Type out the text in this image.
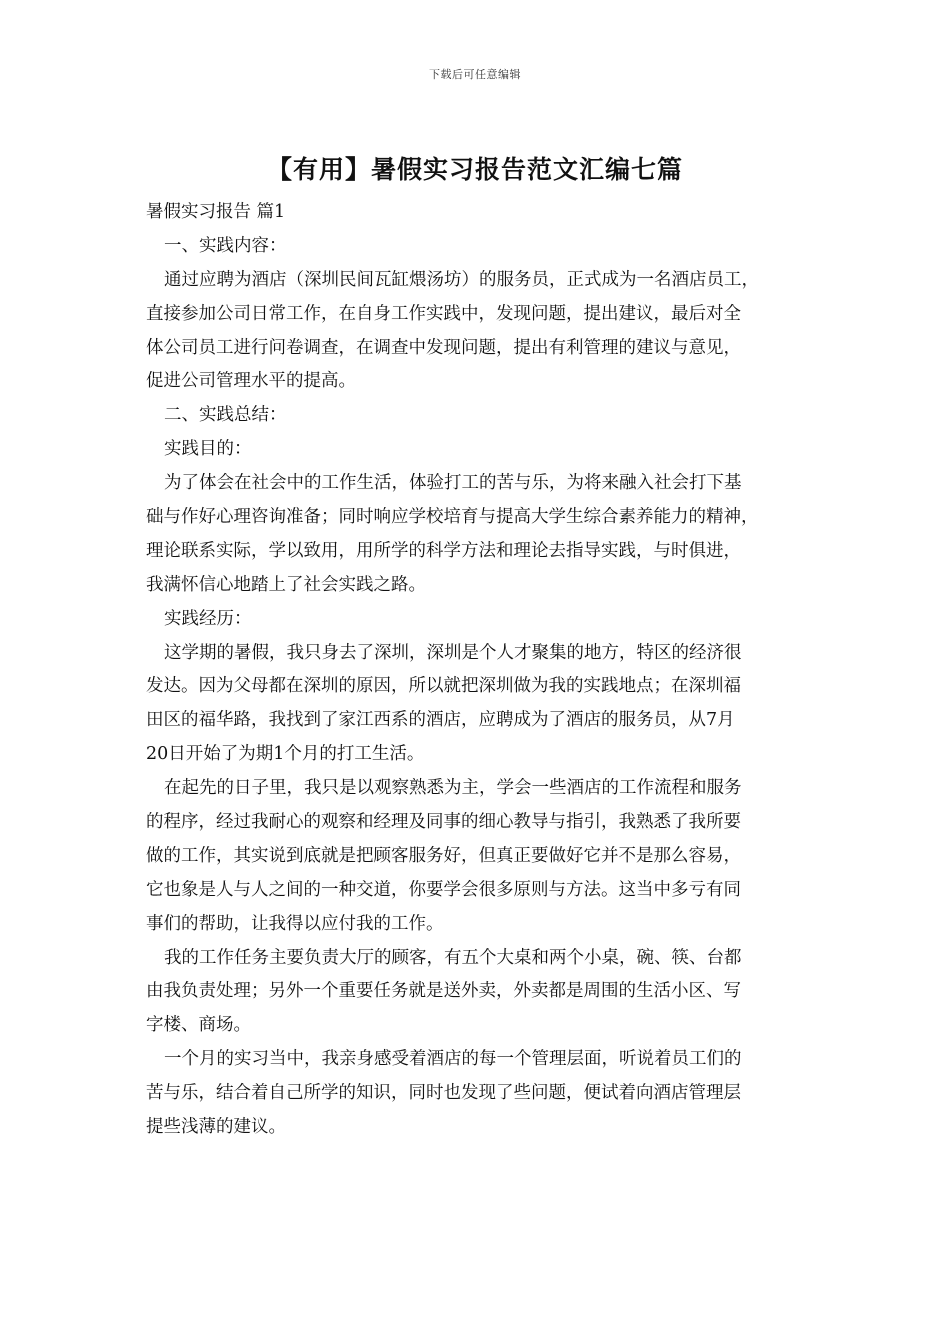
下载后可任意编辑
【有用】暑假实习报告范文汇编七篇
暑假实习报告 篇1
一、实践内容：
通过应聘为酒店（深圳民间瓦缸煨汤坊）的服务员，正式成为一名酒店员工，
直接参加公司日常工作，在自身工作实践中，发现问题，提出建议，最后对全
体公司员工进行问卷调查，在调查中发现问题，提出有利管理的建议与意见，
促进公司管理水平的提高。
二、实践总结：
实践目的：
为了体会在社会中的工作生活，体验打工的苦与乐，为将来融入社会打下基
础与作好心理咨询准备；同时响应学校培育与提高大学生综合素养能力的精神，
理论联系实际，学以致用，用所学的科学方法和理论去指导实践，与时俱进，
我满怀信心地踏上了社会实践之路。
实践经历：
这学期的暑假，我只身去了深圳，深圳是个人才聚集的地方，特区的经济很
发达。因为父母都在深圳的原因，所以就把深圳做为我的实践地点；在深圳福
田区的福华路，我找到了家江西系的酒店，应聘成为了酒店的服务员，从7月
20日开始了为期1个月的打工生活。
在起先的日子里，我只是以观察熟悉为主，学会一些酒店的工作流程和服务
的程序，经过我耐心的观察和经理及同事的细心教导与指引，我熟悉了我所要
做的工作，其实说到底就是把顾客服务好，但真正要做好它并不是那么容易，
它也象是人与人之间的一种交道，你要学会很多原则与方法。这当中多亏有同
事们的帮助，让我得以应付我的工作。
我的工作任务主要负责大厅的顾客，有五个大桌和两个小桌，碗、筷、台都
由我负责处理；另外一个重要任务就是送外卖，外卖都是周围的生活小区、写
字楼、商场。
一个月的实习当中，我亲身感受着酒店的每一个管理层面，听说着员工们的
苦与乐，结合着自己所学的知识，同时也发现了些问题，便试着向酒店管理层
提些浅薄的建议。
